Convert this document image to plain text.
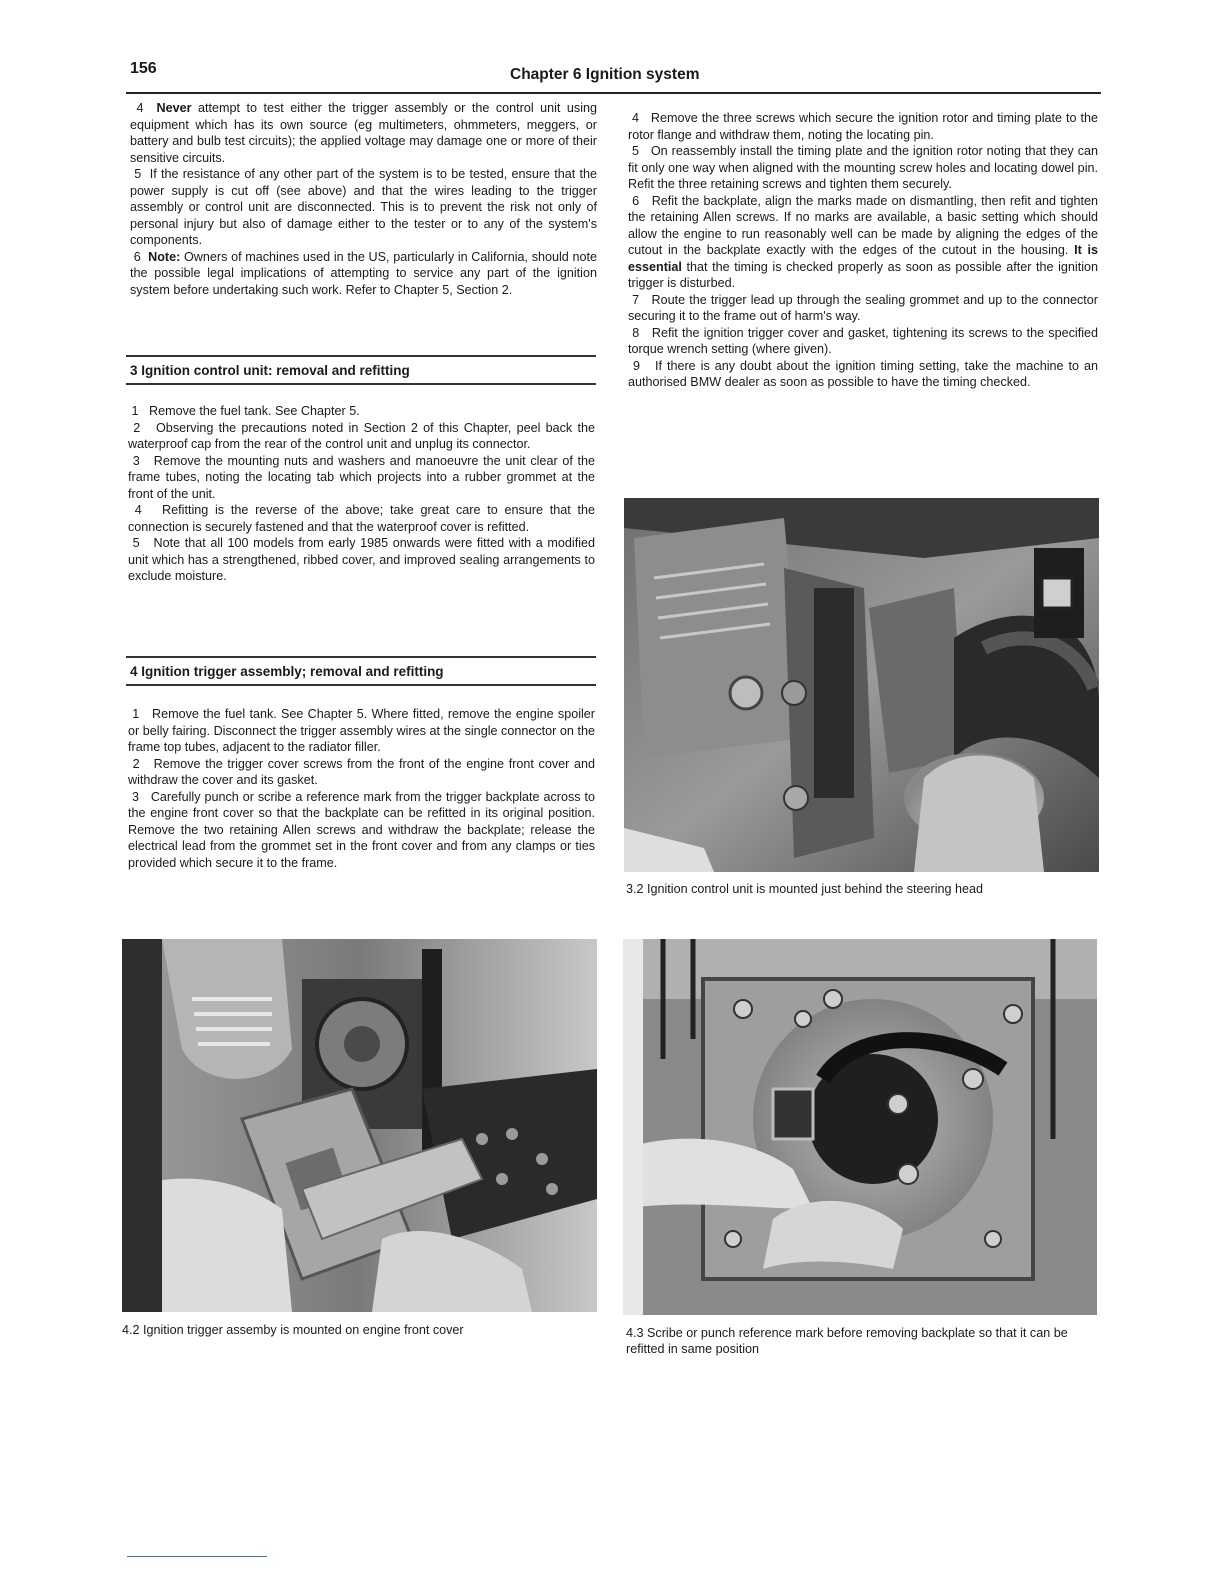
156	Chapter 6 Ignition system

4 Never attempt to test either the trigger assembly or the control unit using equipment which has its own source (eg multimeters, ohmmeters, meggers, or battery and bulb test circuits); the applied voltage may damage one or more of their sensitive circuits.

5 If the resistance of any other part of the system is to be tested, ensure that the power supply is cut off (see above) and that the wires leading to the trigger assembly or control unit are disconnected. This is to prevent the risk not only of personal injury but also of damage either to the tester or to any of the system's components.

6 Note: Owners of machines used in the US, particularly in California, should note the possible legal implications of attempting to service any part of the ignition system before undertaking such work. Refer to Chapter 5, Section 2.

3 Ignition control unit: removal and refitting

1 Remove the fuel tank. See Chapter 5.

2 Observing the precautions noted in Section 2 of this Chapter, peel back the waterproof cap from the rear of the control unit and unplug its connector.

3 Remove the mounting nuts and washers and manoeuvre the unit clear of the frame tubes, noting the locating tab which projects into a rubber grommet at the front of the unit.

4 Refitting is the reverse of the above; take great care to ensure that the connection is securely fastened and that the waterproof cover is refitted.

5 Note that all 100 models from early 1985 onwards were fitted with a modified unit which has a strengthened, ribbed cover, and improved sealing arrangements to exclude moisture.

4 Ignition trigger assembly; removal and refitting

1 Remove the fuel tank. See Chapter 5. Where fitted, remove the engine spoiler or belly fairing. Disconnect the trigger assembly wires at the single connector on the frame top tubes, adjacent to the radiator filler.

2 Remove the trigger cover screws from the front of the engine front cover and withdraw the cover and its gasket.

3 Carefully punch or scribe a reference mark from the trigger backplate across to the engine front cover so that the backplate can be refitted in its original position. Remove the two retaining Allen screws and withdraw the backplate; release the electrical lead from the grommet set in the front cover and from any clamps or ties provided which secure it to the frame.

4 Remove the three screws which secure the ignition rotor and timing plate to the rotor flange and withdraw them, noting the locating pin.

5 On reassembly install the timing plate and the ignition rotor noting that they can fit only one way when aligned with the mounting screw holes and locating dowel pin. Refit the three retaining screws and tighten them securely.

6 Refit the backplate, align the marks made on dismantling, then refit and tighten the retaining Allen screws. If no marks are available, a basic setting which should allow the engine to run reasonably well can be made by aligning the edges of the cutout in the backplate exactly with the edges of the cutout in the housing. It is essential that the timing is checked properly as soon as possible after the ignition trigger is disturbed.

7 Route the trigger lead up through the sealing grommet and up to the connector securing it to the frame out of harm's way.

8 Refit the ignition trigger cover and gasket, tightening its screws to the specified torque wrench setting (where given).

9 If there is any doubt about the ignition timing setting, take the machine to an authorised BMW dealer as soon as possible to have the timing checked.

3.2 Ignition control unit is mounted just behind the steering head
4.2 Ignition trigger assemby is mounted on engine front cover	4.3 Scribe or punch reference mark before removing backplate so that it can be refitted in same position
